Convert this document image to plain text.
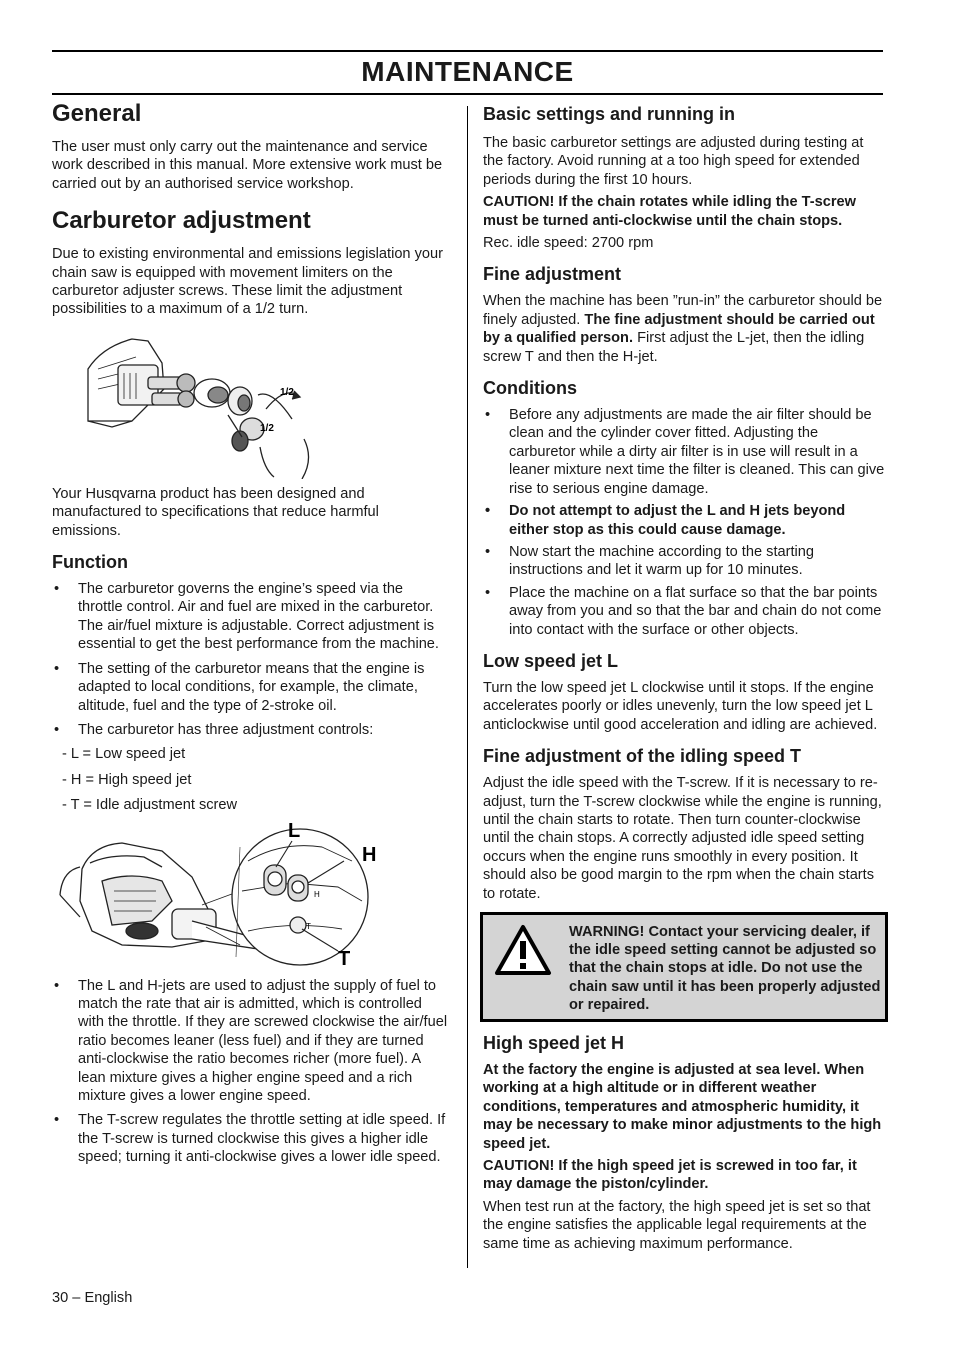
MAINTENANCE
General

The user must only carry out the maintenance and service work described in this manual. More extensive work must be carried out by an authorised service workshop.

Carburetor adjustment

Due to existing environmental and emissions legislation your chain saw is equipped with movement limiters on the carburetor adjuster screws. These limit the adjustment possibilities to a maximum of a 1/2 turn.

1/2
1/2

Your Husqvarna product has been designed and manufactured to specifications that reduce harmful emissions.

Function
• The carburetor governs the engine’s speed via the throttle control. Air and fuel are mixed in the carburetor. The air/fuel mixture is adjustable. Correct adjustment is essential to get the best performance from the machine.
• The setting of the carburetor means that the engine is adapted to local conditions, for example, the climate, altitude, fuel and the type of 2-stroke oil.
• The carburetor has three adjustment controls:
- L = Low speed jet
- H = High speed jet
- T = Idle adjustment screw
L
H
T
H
T
• The L and H-jets are used to adjust the supply of fuel to match the rate that air is admitted, which is controlled with the throttle. If they are screwed clockwise the air/fuel ratio becomes leaner (less fuel) and if they are turned anti-clockwise the ratio becomes richer (more fuel). A lean mixture gives a higher engine speed and a rich mixture gives a lower engine speed.
• The T-screw regulates the throttle setting at idle speed. If the T-screw is turned clockwise this gives a higher idle speed; turning it anti-clockwise gives a lower idle speed.
Basic settings and running in

The basic carburetor settings are adjusted during testing at the factory. Avoid running at a too high speed for extended periods during the first 10 hours.

CAUTION! If the chain rotates while idling the T-screw must be turned anti-clockwise until the chain stops.

Rec. idle speed: 2700 rpm

Fine adjustment

When the machine has been ”run-in” the carburetor should be finely adjusted. The fine adjustment should be carried out by a qualified person. First adjust the L-jet, then the idling screw T and then the H-jet.

Conditions
• Before any adjustments are made the air filter should be clean and the cylinder cover fitted. Adjusting the carburetor while a dirty air filter is in use will result in a leaner mixture next time the filter is cleaned. This can give rise to serious engine damage.
• Do not attempt to adjust the L and H jets beyond either stop as this could cause damage.
• Now start the machine according to the starting instructions and let it warm up for 10 minutes.
• Place the machine on a flat surface so that the bar points away from you and so that the bar and chain do not come into contact with the surface or other objects.
Low speed jet L

Turn the low speed jet L clockwise until it stops. If the engine accelerates poorly or idles unevenly, turn the low speed jet L anticlockwise until good acceleration and idling are achieved.

Fine adjustment of the idling speed T

Adjust the idle speed with the T-screw. If it is necessary to re-adjust, turn the T-screw clockwise while the engine is running, until the chain starts to rotate. Then turn counter-clockwise until the chain stops. A correctly adjusted idle speed setting occurs when the engine runs smoothly in every position. It should also be good margin to the rpm when the chain starts to rotate.

WARNING! Contact your servicing dealer, if the idle speed setting cannot be adjusted so that the chain stops at idle. Do not use the chain saw until it has been properly adjusted or repaired.
High speed jet H

At the factory the engine is adjusted at sea level. When working at a high altitude or in different weather conditions, temperatures and atmospheric humidity, it may be necessary to make minor adjustments to the high speed jet.

CAUTION! If the high speed jet is screwed in too far, it may damage the piston/cylinder.

When test run at the factory, the high speed jet is set so that the engine satisfies the applicable legal requirements at the same time as achieving maximum performance.

30 – English
